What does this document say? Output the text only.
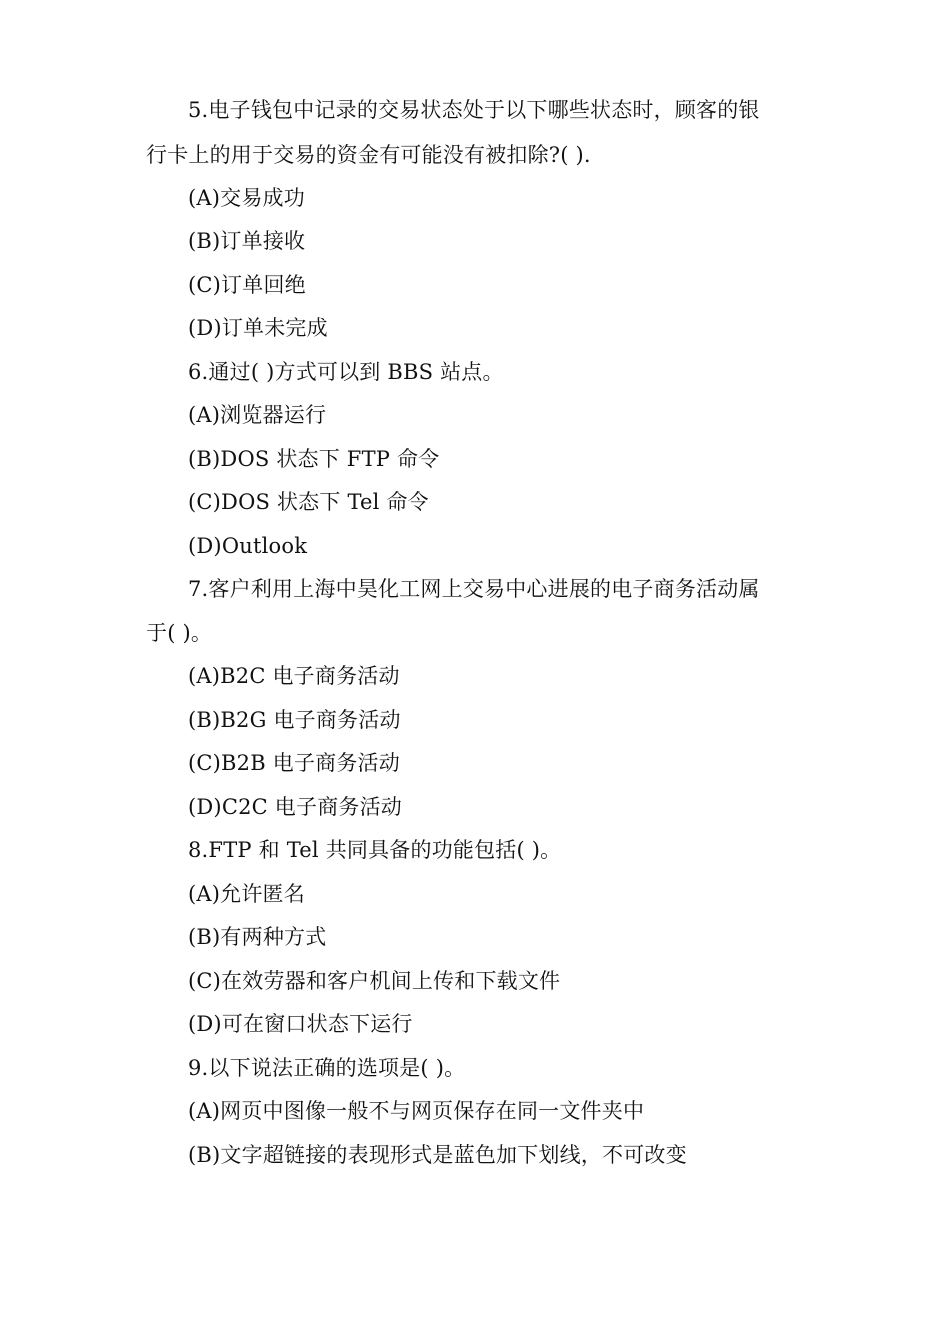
5.电子钱包中记录的交易状态处于以下哪些状态时，顾客的银
行卡上的用于交易的资金有可能没有被扣除?( ).
(A)交易成功
(B)订单接收
(C)订单回绝
(D)订单未完成
6.通过( )方式可以到 BBS 站点。
(A)浏览器运行
(B)DOS 状态下 FTP 命令
(C)DOS 状态下 Tel 命令
(D)Outlook
7.客户利用上海中昊化工网上交易中心进展的电子商务活动属
于( )。
(A)B2C 电子商务活动
(B)B2G 电子商务活动
(C)B2B 电子商务活动
(D)C2C 电子商务活动
8.FTP 和 Tel 共同具备的功能包括( )。
(A)允许匿名
(B)有两种方式
(C)在效劳器和客户机间上传和下载文件
(D)可在窗口状态下运行
9.以下说法正确的选项是( )。
(A)网页中图像一般不与网页保存在同一文件夹中
(B)文字超链接的表现形式是蓝色加下划线，不可改变
